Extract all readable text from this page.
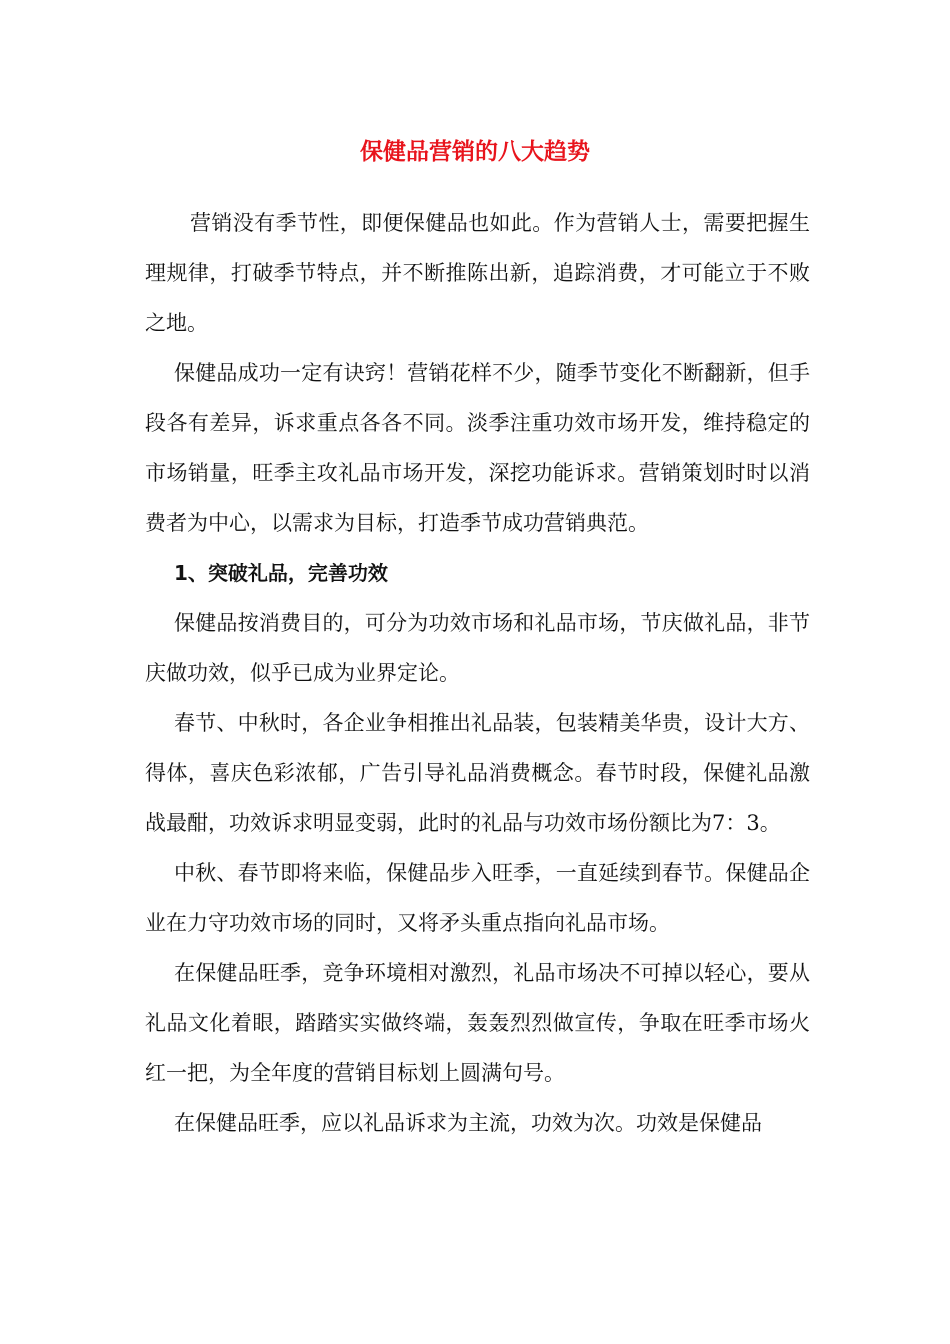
保健品营销的八大趋势

营销没有季节性，即便保健品也如此。作为营销人士，需要把握生理规律，打破季节特点，并不断推陈出新，追踪消费，才可能立于不败之地。

保健品成功一定有诀窍！营销花样不少，随季节变化不断翻新，但手段各有差异，诉求重点各各不同。淡季注重功效市场开发，维持稳定的市场销量，旺季主攻礼品市场开发，深挖功能诉求。营销策划时时以消费者为中心，以需求为目标，打造季节成功营销典范。

1、突破礼品，完善功效

保健品按消费目的，可分为功效市场和礼品市场，节庆做礼品，非节庆做功效，似乎已成为业界定论。

春节、中秋时，各企业争相推出礼品装，包装精美华贵，设计大方、得体，喜庆色彩浓郁，广告引导礼品消费概念。春节时段，保健礼品激战最酣，功效诉求明显变弱，此时的礼品与功效市场份额比为7：3。

中秋、春节即将来临，保健品步入旺季，一直延续到春节。保健品企业在力守功效市场的同时，又将矛头重点指向礼品市场。

在保健品旺季，竞争环境相对激烈，礼品市场决不可掉以轻心，要从礼品文化着眼，踏踏实实做终端，轰轰烈烈做宣传，争取在旺季市场火红一把，为全年度的营销目标划上圆满句号。

在保健品旺季，应以礼品诉求为主流，功效为次。功效是保健品
